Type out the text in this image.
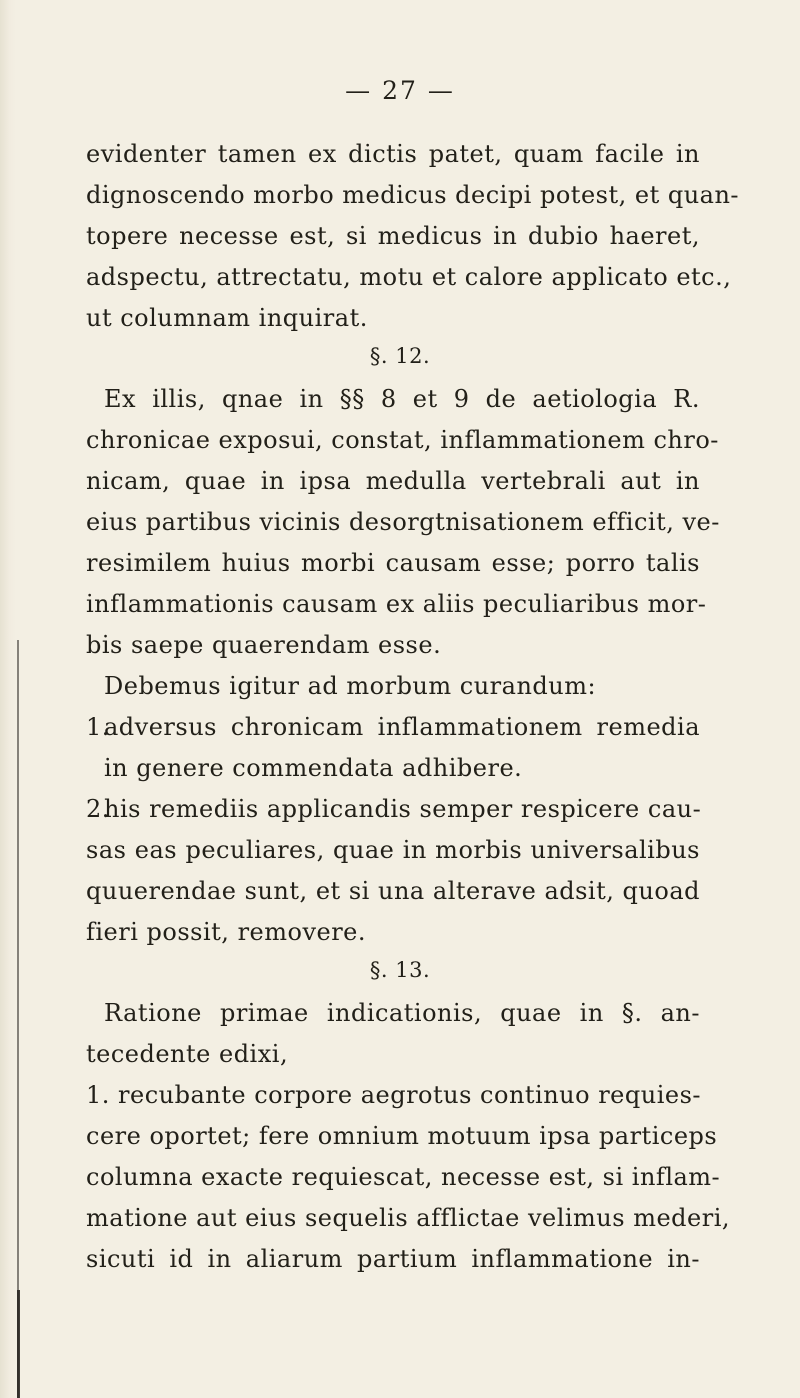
— 27 —
evidenter tamen ex dictis patet, quam facile in
dignoscendo morbo medicus decipi potest, et quan-
topere necesse est, si medicus in dubio haeret,
adspectu, attrectatu, motu et calore applicato etc.,
ut columnam inquirat.
§. 12.
Ex illis, qnae in §§ 8 et 9 de aetiologia R.
chronicae exposui, constat, inflammationem chro-
nicam, quae in ipsa medulla vertebrali aut in
eius partibus vicinis desorgtnisationem efficit, ve-
resimilem huius morbi causam esse; porro talis
inflammationis causam ex aliis peculiaribus mor-
bis saepe quaerendam esse.
Debemus igitur ad morbum curandum:
1.
adversus chronicam inflammationem remedia
in genere commendata adhibere.
2.
his remediis applicandis semper respicere cau-
sas eas peculiares, quae in morbis universalibus
quuerendae sunt, et si una alterave adsit, quoad
fieri possit, removere.
§. 13.
Ratione primae indicationis, quae in §. an-
tecedente edixi,
1. recubante corpore aegrotus continuo requies-
cere oportet; fere omnium motuum ipsa particeps
columna exacte requiescat, necesse est, si inflam-
matione aut eius sequelis afflictae velimus mederi,
sicuti id in aliarum partium inflammatione in-
